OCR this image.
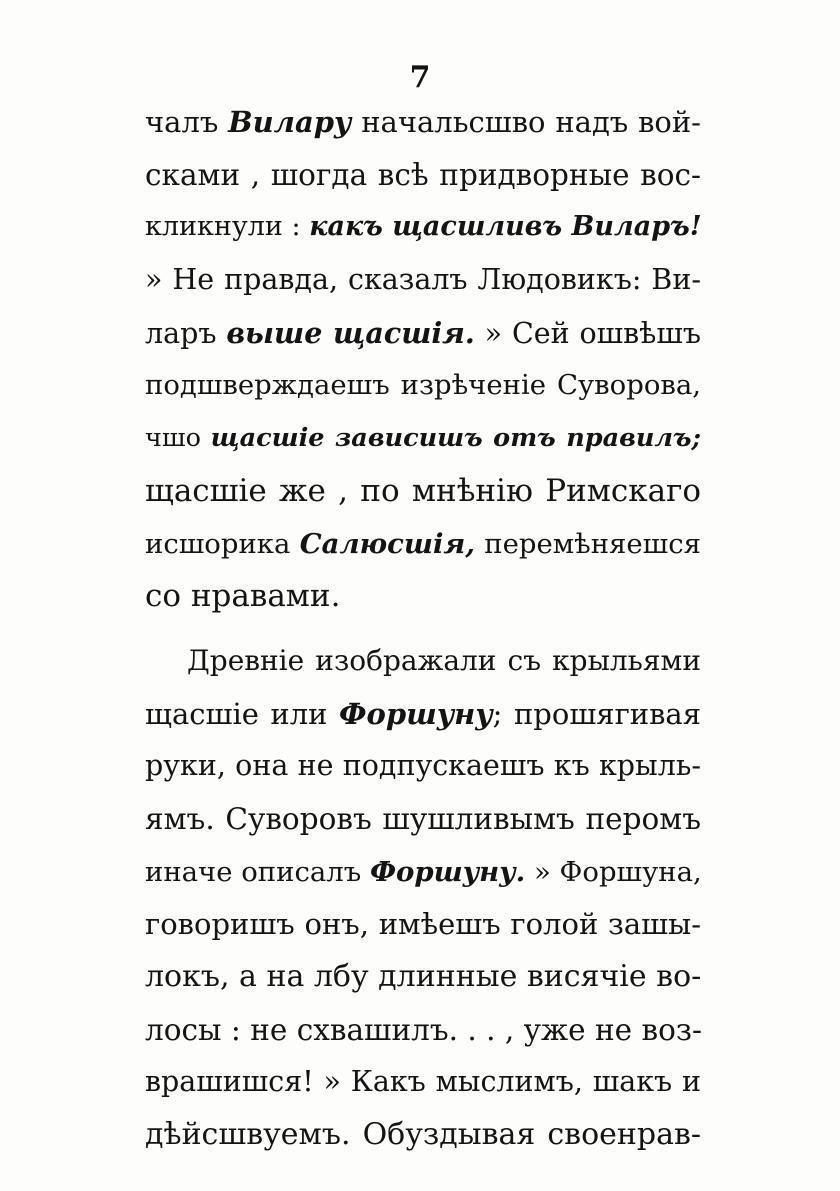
7
чалъ Вилару начальсшво надъ вой-
сками , шогда всѣ придворные вос-
кликнули : какъ щасшливъ Виларъ!
» Не правда, сказалъ Людовикъ: Ви-
ларъ выше щасшія. » Сей ошвѣшъ
подшверждаешъ изрѣченіе Суворова,
чшо щасшіе зависишъ отъ правилъ;
щасшіе же , по мнѣнію Римскаго
исшорика Салюсшія, перемѣняешся
со нравами.
Древніе изображали съ крыльями
щасшіе или Форшуну; прошягивая
руки, она не подпускаешъ къ крыль-
ямъ. Суворовъ шушливымъ перомъ
иначе описалъ Форшуну. » Форшуна,
говоришъ онъ, имѣешъ голой зашы-
локъ, а на лбу длинные висячіе во-
лосы : не схвашилъ. . . , уже не воз-
врашишся! » Какъ мыслимъ, шакъ и
дѣйсшвуемъ. Обуздывая своенрав-
